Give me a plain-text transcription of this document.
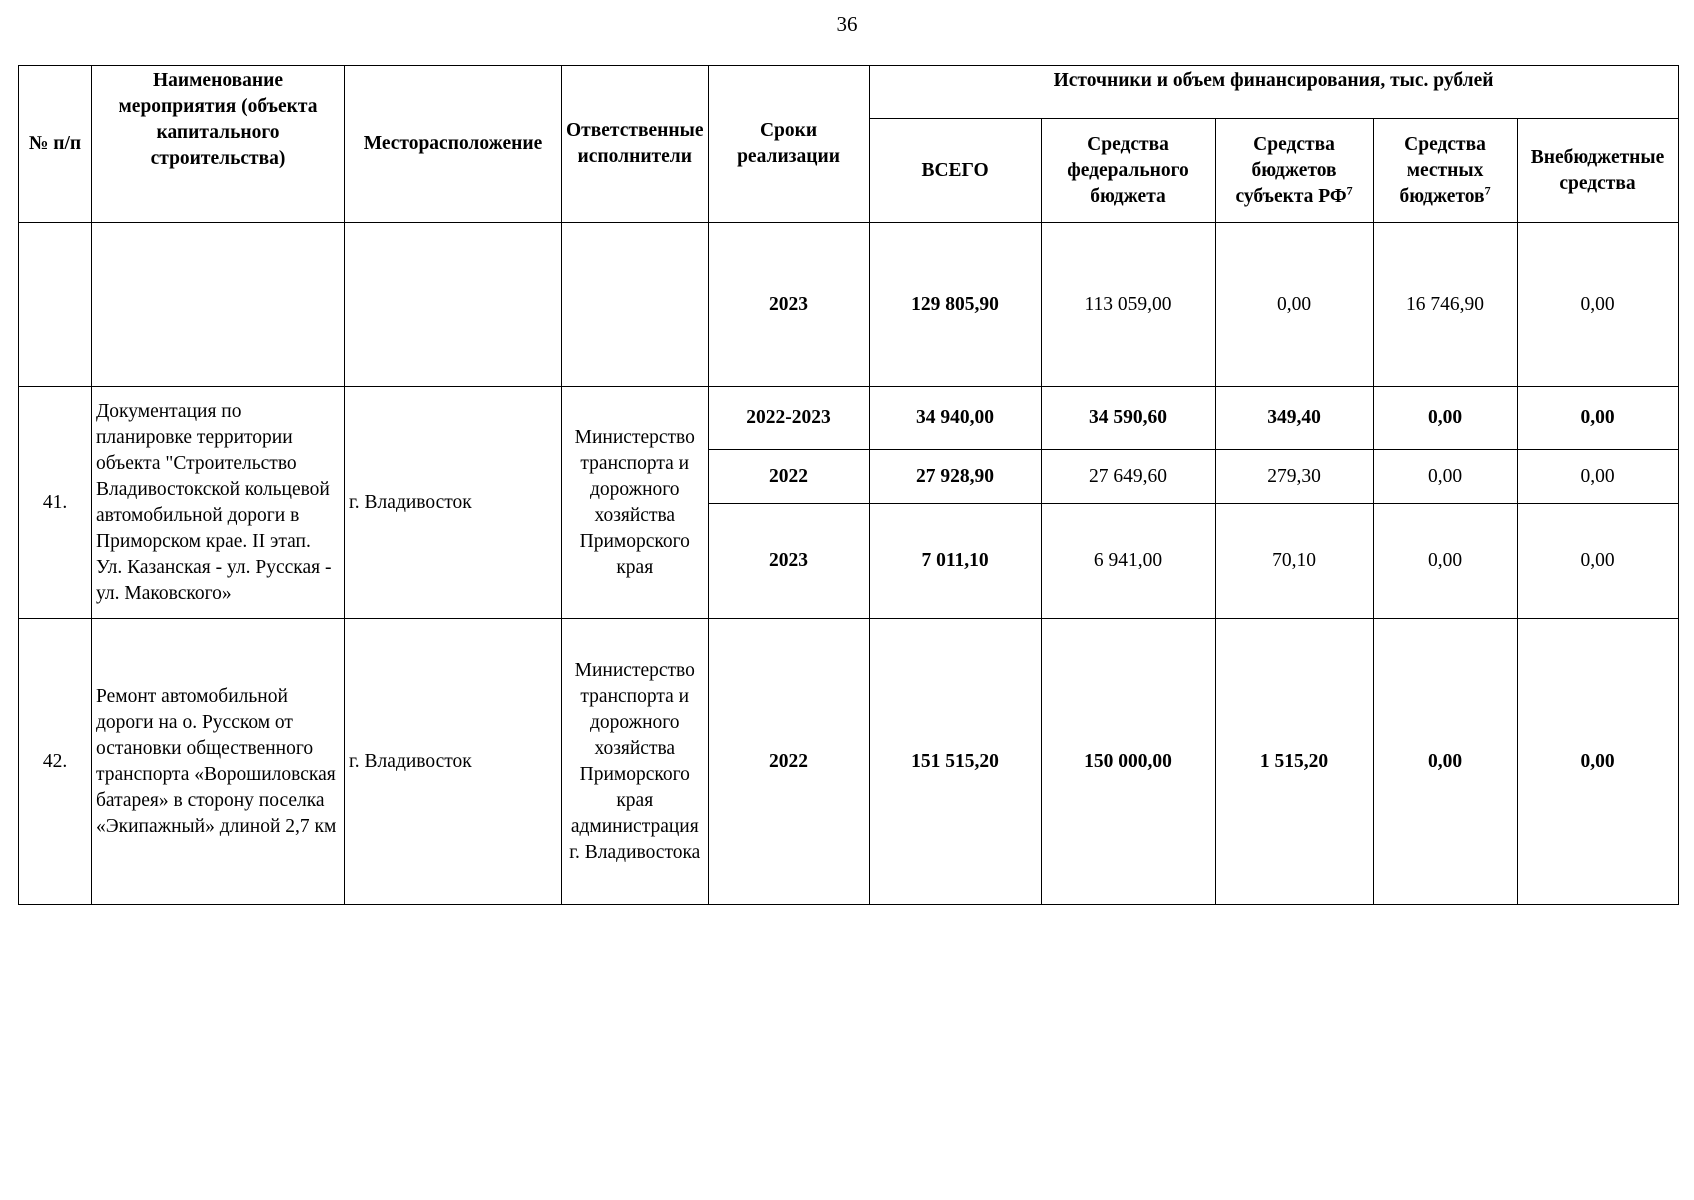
36
№ п/п	Наименование мероприятия (объекта капитального строительства)	Месторасположение	Ответственные исполнители	Сроки реализации	Источники и объем финансирования, тыс. рублей				
					ВСЕГО	Средства федерального бюджета	Средства бюджетов субъекта $РФ^7$	Средства местных бюджетов$^7$	Внебюджетные средства
				2023	129 805,90	113 059,00	0,00	16 746,90	0,00
41.	Документация по планировке территории объекта "Строительство Владивостокской кольцевой автомобильной дороги в Приморском крае. II этап. Ул. Казанская - ул. Русская - ул. Маковского»	г. Владивосток	Министерство транспорта и дорожного хозяйства Приморского края	2022-2023	34 940,00	34 590,60	349,40	0,00	0,00
				2022	27 928,90	27 649,60	279,30	0,00	0,00
				2023	7 011,10	6 941,00	70,10	0,00	0,00
42.	Ремонт автомобильной дороги на о. Русском от остановки общественного транспорта «Ворошиловская батарея» в сторону поселка «Экипажный» длиной 2,7 км	г. Владивосток	Министерство транспорта и дорожного хозяйства Приморского края администрация г. Владивостока	2022	151 515,20	150 000,00	1 515,20	0,00	0,00
